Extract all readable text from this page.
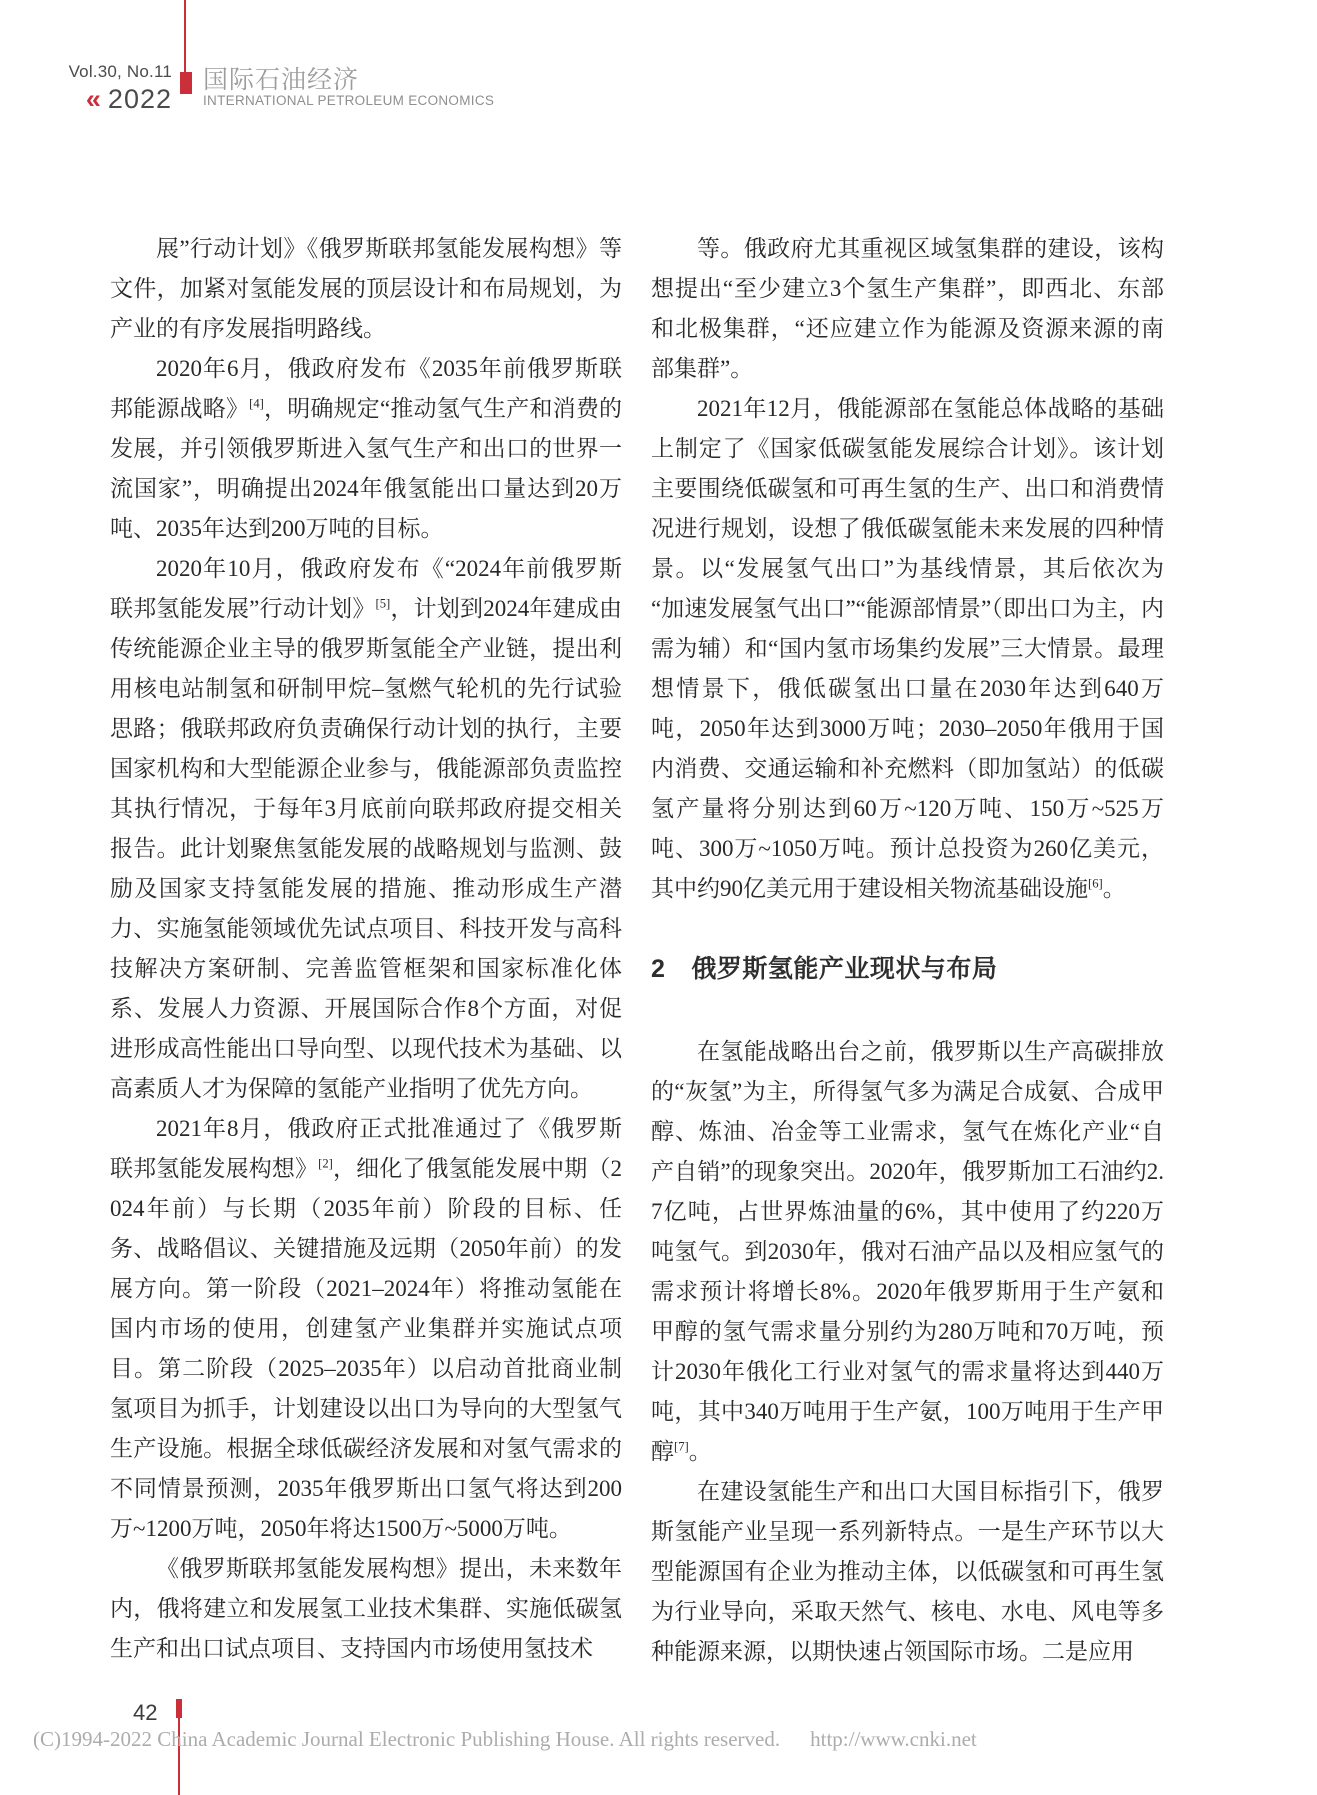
Vol.30, No.11
« 2022
国际石油经济
INTERNATIONAL PETROLEUM ECONOMICS

展”行动计划》《俄罗斯联邦氢能发展构想》等文件，加紧对氢能发展的顶层设计和布局规划，为产业的有序发展指明路线。

2020年6月，俄政府发布《2035年前俄罗斯联邦能源战略》[4]，明确规定“推动氢气生产和消费的发展，并引领俄罗斯进入氢气生产和出口的世界一流国家”，明确提出2024年俄氢能出口量达到20万吨、2035年达到200万吨的目标。

2020年10月，俄政府发布《“2024年前俄罗斯联邦氢能发展”行动计划》[5]，计划到2024年建成由传统能源企业主导的俄罗斯氢能全产业链，提出利用核电站制氢和研制甲烷–氢燃气轮机的先行试验思路；俄联邦政府负责确保行动计划的执行，主要国家机构和大型能源企业参与，俄能源部负责监控其执行情况，于每年3月底前向联邦政府提交相关报告。此计划聚焦氢能发展的战略规划与监测、鼓励及国家支持氢能发展的措施、推动形成生产潜力、实施氢能领域优先试点项目、科技开发与高科技解决方案研制、完善监管框架和国家标准化体系、发展人力资源、开展国际合作8个方面，对促进形成高性能出口导向型、以现代技术为基础、以高素质人才为保障的氢能产业指明了优先方向。

2021年8月，俄政府正式批准通过了《俄罗斯联邦氢能发展构想》[2]，细化了俄氢能发展中期（2024年前）与长期（2035年前）阶段的目标、任务、战略倡议、关键措施及远期（2050年前）的发展方向。第一阶段（2021–2024年）将推动氢能在国内市场的使用，创建氢产业集群并实施试点项目。第二阶段（2025–2035年）以启动首批商业制氢项目为抓手，计划建设以出口为导向的大型氢气生产设施。根据全球低碳经济发展和对氢气需求的不同情景预测，2035年俄罗斯出口氢气将达到200万~1200万吨，2050年将达1500万~5000万吨。

《俄罗斯联邦氢能发展构想》提出，未来数年内，俄将建立和发展氢工业技术集群、实施低碳氢生产和出口试点项目、支持国内市场使用氢技术

等。俄政府尤其重视区域氢集群的建设，该构想提出“至少建立3个氢生产集群”，即西北、东部和北极集群，“还应建立作为能源及资源来源的南部集群”。

2021年12月，俄能源部在氢能总体战略的基础上制定了《国家低碳氢能发展综合计划》。该计划主要围绕低碳氢和可再生氢的生产、出口和消费情况进行规划，设想了俄低碳氢能未来发展的四种情景。以“发展氢气出口”为基线情景，其后依次为“加速发展氢气出口”“能源部情景”（即出口为主，内需为辅）和“国内氢市场集约发展”三大情景。最理想情景下，俄低碳氢出口量在2030年达到640万吨，2050年达到3000万吨；2030–2050年俄用于国内消费、交通运输和补充燃料（即加氢站）的低碳氢产量将分别达到60万~120万吨、150万~525万吨、300万~1050万吨。预计总投资为260亿美元，其中约90亿美元用于建设相关物流基础设施[6]。

2 俄罗斯氢能产业现状与布局

在氢能战略出台之前，俄罗斯以生产高碳排放的“灰氢”为主，所得氢气多为满足合成氨、合成甲醇、炼油、冶金等工业需求，氢气在炼化产业“自产自销”的现象突出。2020年，俄罗斯加工石油约2.7亿吨，占世界炼油量的6%，其中使用了约220万吨氢气。到2030年，俄对石油产品以及相应氢气的需求预计将增长8%。2020年俄罗斯用于生产氨和甲醇的氢气需求量分别约为280万吨和70万吨，预计2030年俄化工行业对氢气的需求量将达到440万吨，其中340万吨用于生产氨，100万吨用于生产甲醇[7]。

在建设氢能生产和出口大国目标指引下，俄罗斯氢能产业呈现一系列新特点。一是生产环节以大型能源国有企业为推动主体，以低碳氢和可再生氢为行业导向，采取天然气、核电、水电、风电等多种能源来源，以期快速占领国际市场。二是应用

42
(C)1994-2022 China Academic Journal Electronic Publishing House. All rights reserved. http://www.cnki.net
